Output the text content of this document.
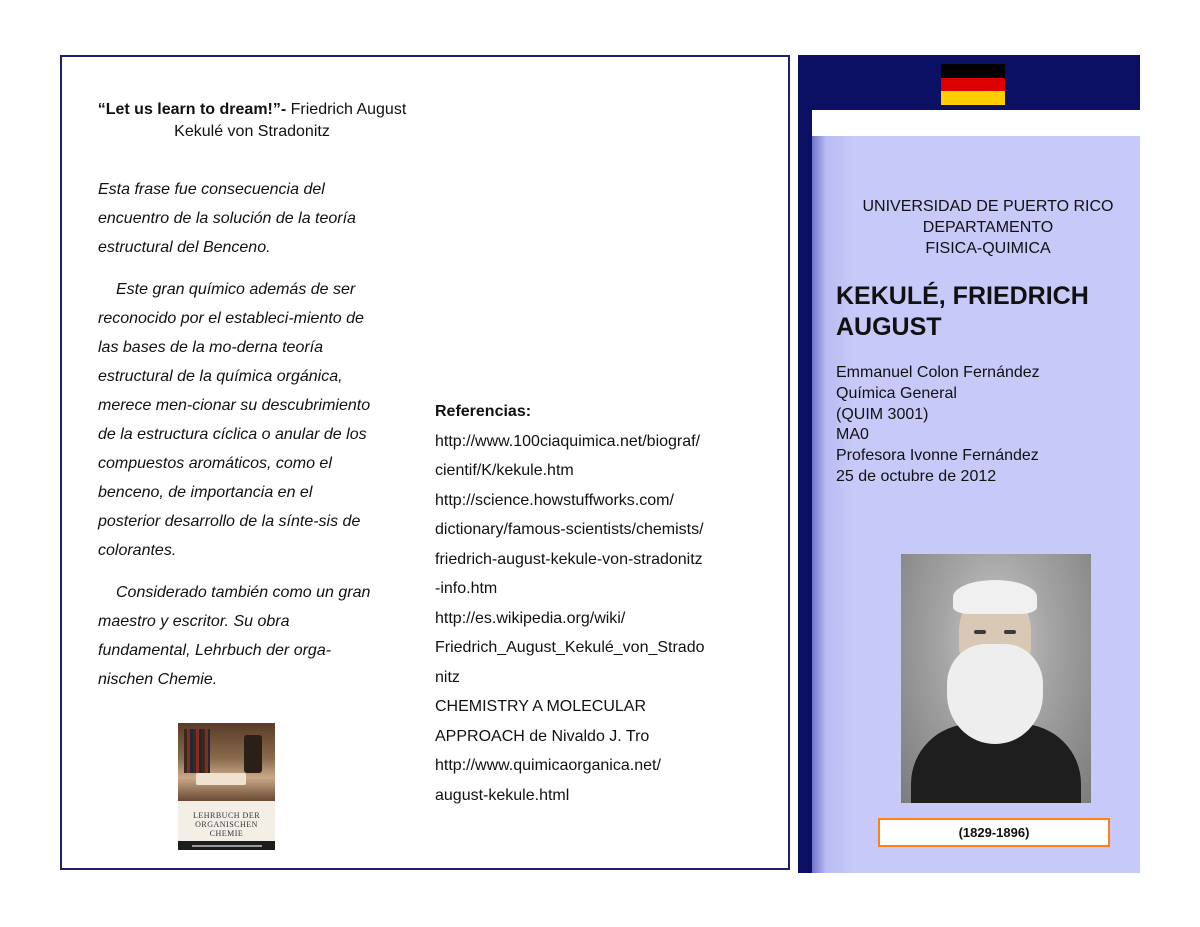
“Let us learn to dream!”- Friedrich August Kekulé von Stradonitz

Esta frase fue consecuencia del encuentro de la solución de la teoría estructural del Benceno.

Este gran químico además de ser reconocido por el estableci-miento de las bases de la mo-derna teoría estructural de la química orgánica, merece men-cionar su descubrimiento de la estructura cíclica o anular de los compuestos aromáticos, como el benceno, de importancia en el posterior desarrollo de la sínte-sis de colorantes.

Considerado también como un gran maestro y escritor. Su obra fundamental, Lehrbuch der orga-nischen Chemie.

LEHRBUCH DER
ORGANISCHEN CHEMIE
Referencias:
http://www.100ciaquimica.net/biograf/
cientif/K/kekule.htm
http://science.howstuffworks.com/
dictionary/famous-scientists/chemists/
friedrich-august-kekule-von-stradonitz
-info.htm
http://es.wikipedia.org/wiki/
Friedrich_August_Kekulé_von_Strado
nitz
CHEMISTRY A MOLECULAR
APPROACH de Nivaldo J. Tro
http://www.quimicaorganica.net/
august-kekule.html
UNIVERSIDAD DE PUERTO RICO
DEPARTAMENTO
FISICA-QUIMICA
KEKULÉ, FRIEDRICH
AUGUST
Emmanuel Colon Fernández
Química General
(QUIM 3001)
MA0
Profesora Ivonne Fernández
25 de octubre de 2012
(1829-1896)
